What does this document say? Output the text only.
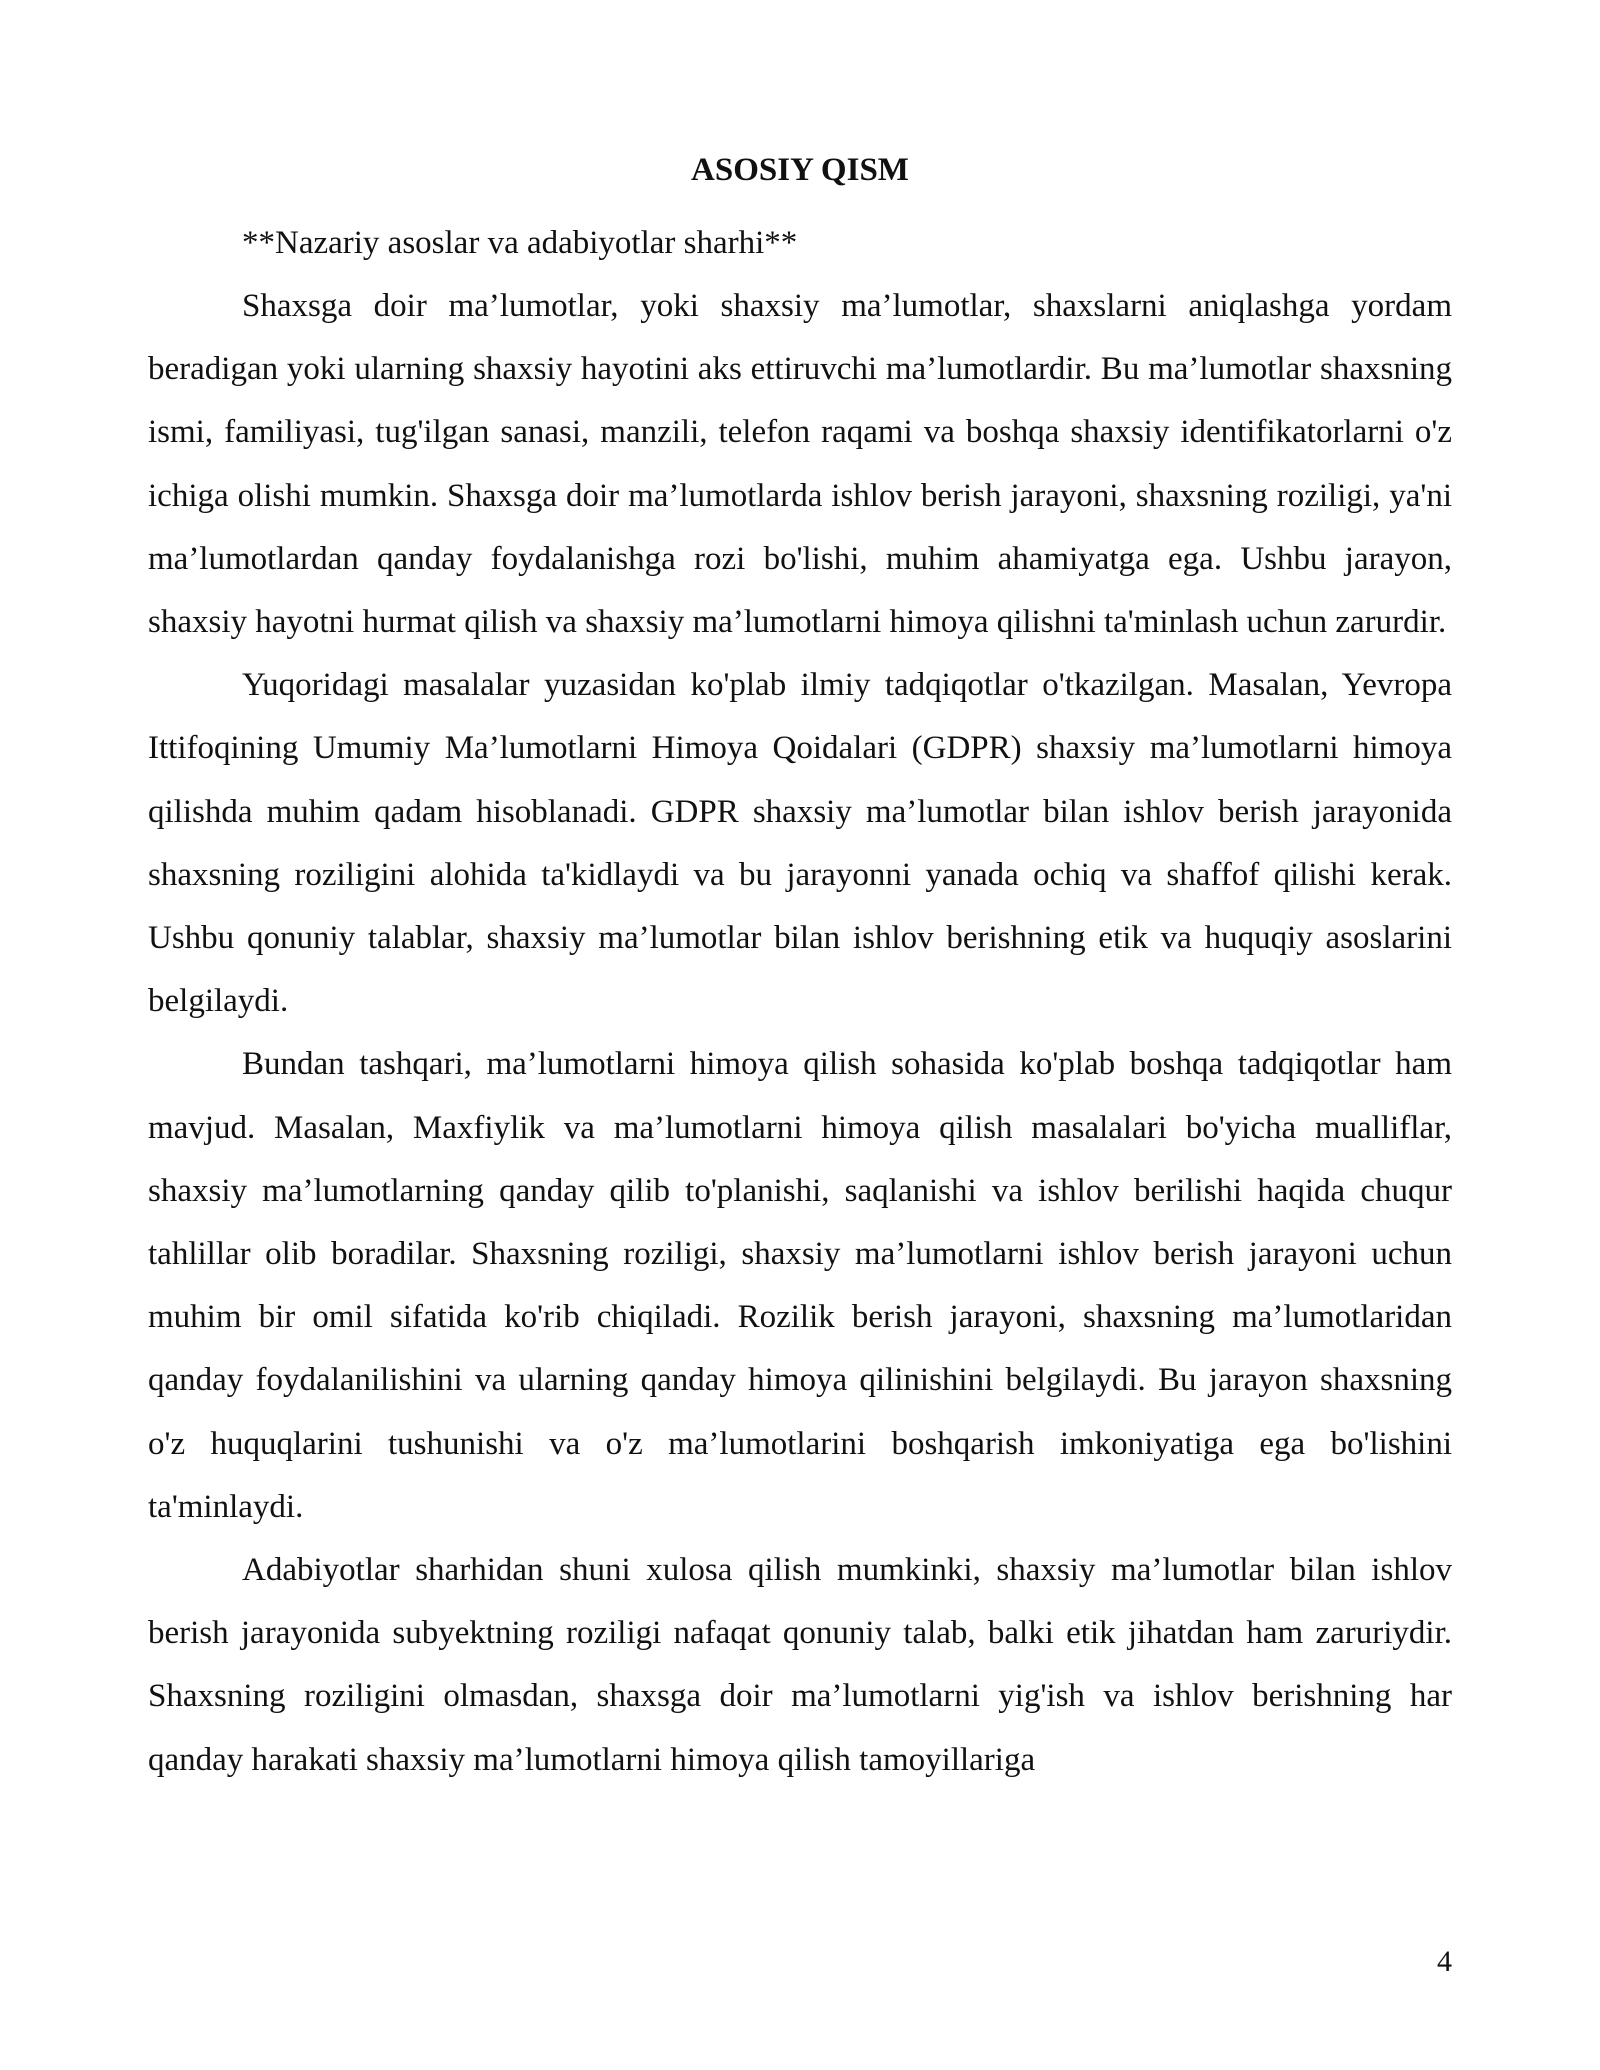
ASOSIY QISM

**Nazariy asoslar va adabiyotlar sharhi**

Shaxsga doir ma’lumotlar, yoki shaxsiy ma’lumotlar, shaxslarni aniqlashga yordam beradigan yoki ularning shaxsiy hayotini aks ettiruvchi ma’lumotlardir. Bu ma’lumotlar shaxsning ismi, familiyasi, tug'ilgan sanasi, manzili, telefon raqami va boshqa shaxsiy identifikatorlarni o'z ichiga olishi mumkin. Shaxsga doir ma’lumotlarda ishlov berish jarayoni, shaxsning roziligi, ya'ni ma’lumotlardan qanday foydalanishga rozi bo'lishi, muhim ahamiyatga ega. Ushbu jarayon, shaxsiy hayotni hurmat qilish va shaxsiy ma’lumotlarni himoya qilishni ta'minlash uchun zarurdir.

Yuqoridagi masalalar yuzasidan ko'plab ilmiy tadqiqotlar o'tkazilgan. Masalan, Yevropa Ittifoqining Umumiy Ma’lumotlarni Himoya Qoidalari (GDPR) shaxsiy ma’lumotlarni himoya qilishda muhim qadam hisoblanadi. GDPR shaxsiy ma’lumotlar bilan ishlov berish jarayonida shaxsning roziligini alohida ta'kidlaydi va bu jarayonni yanada ochiq va shaffof qilishi kerak. Ushbu qonuniy talablar, shaxsiy ma’lumotlar bilan ishlov berishning etik va huquqiy asoslarini belgilaydi.

Bundan tashqari, ma’lumotlarni himoya qilish sohasida ko'plab boshqa tadqiqotlar ham mavjud. Masalan, Maxfiylik va ma’lumotlarni himoya qilish masalalari bo'yicha mualliflar, shaxsiy ma’lumotlarning qanday qilib to'planishi, saqlanishi va ishlov berilishi haqida chuqur tahlillar olib boradilar. Shaxsning roziligi, shaxsiy ma’lumotlarni ishlov berish jarayoni uchun muhim bir omil sifatida ko'rib chiqiladi. Rozilik berish jarayoni, shaxsning ma’lumotlaridan qanday foydalanilishini va ularning qanday himoya qilinishini belgilaydi. Bu jarayon shaxsning o'z huquqlarini tushunishi va o'z ma’lumotlarini boshqarish imkoniyatiga ega bo'lishini ta'minlaydi.

Adabiyotlar sharhidan shuni xulosa qilish mumkinki, shaxsiy ma’lumotlar bilan ishlov berish jarayonida subyektning roziligi nafaqat qonuniy talab, balki etik jihatdan ham zaruriydir. Shaxsning roziligini olmasdan, shaxsga doir ma’lumotlarni yig'ish va ishlov berishning har qanday harakati shaxsiy ma’lumotlarni himoya qilish tamoyillariga

4
